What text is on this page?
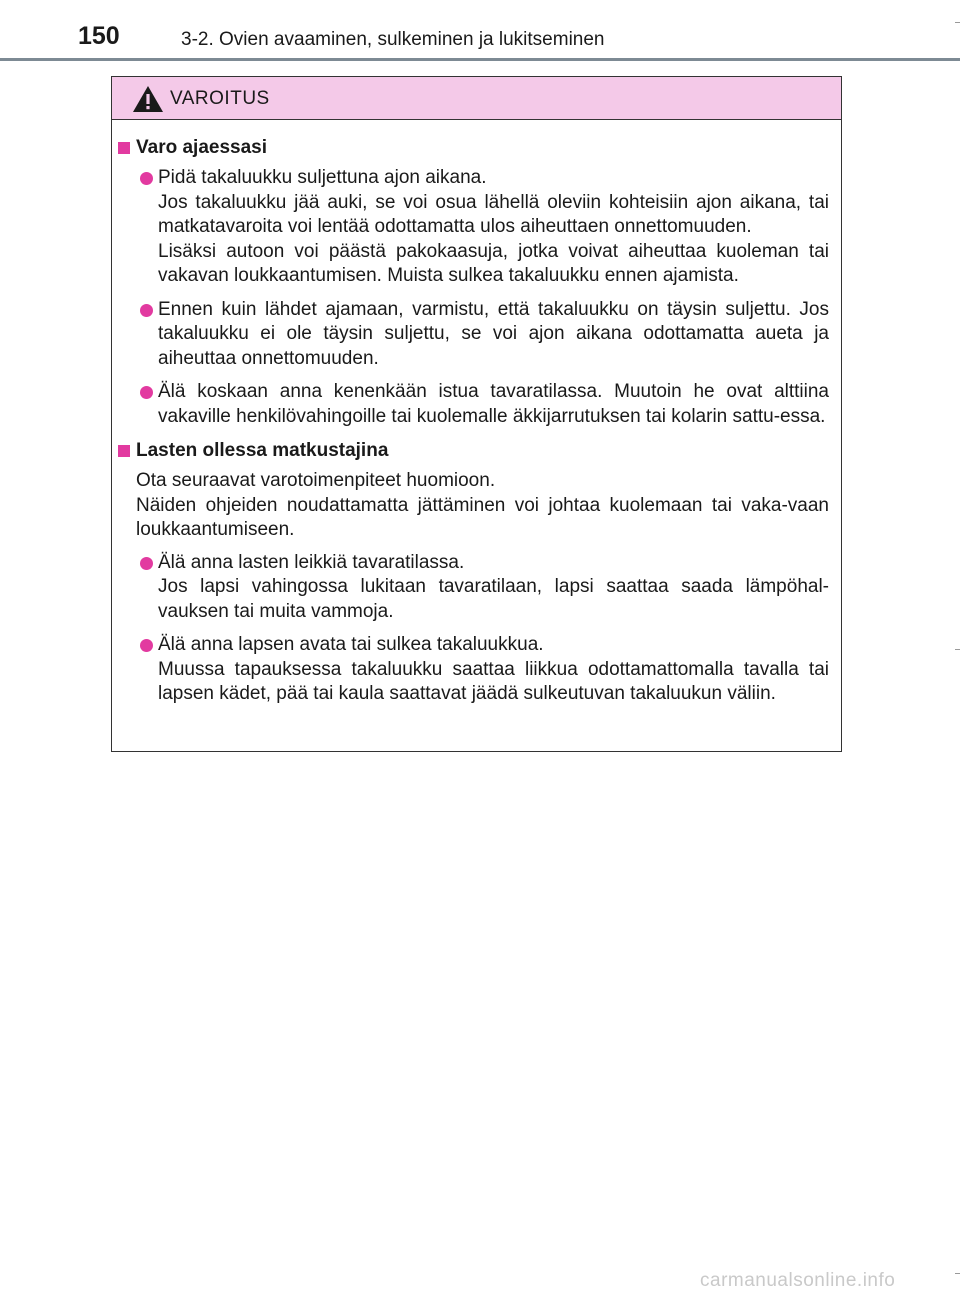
150	3-2. Ovien avaaminen, sulkeminen ja lukitseminen
VAROITUS
Varo ajaessasi
Pidä takaluukku suljettuna ajon aikana.
Jos takaluukku jää auki, se voi osua lähellä oleviin kohteisiin ajon aikana, tai matkatavaroita voi lentää odottamatta ulos aiheuttaen onnettomuuden.
Lisäksi autoon voi päästä pakokaasuja, jotka voivat aiheuttaa kuoleman tai vakavan loukkaantumisen. Muista sulkea takaluukku ennen ajamista.
Ennen kuin lähdet ajamaan, varmistu, että takaluukku on täysin suljettu. Jos takaluukku ei ole täysin suljettu, se voi ajon aikana odottamatta aueta ja aiheuttaa onnettomuuden.
Älä koskaan anna kenenkään istua tavaratilassa. Muutoin he ovat alttiina vakaville henkilövahingoille tai kuolemalle äkkijarrutuksen tai kolarin sattu-essa.
Lasten ollessa matkustajina
Ota seuraavat varotoimenpiteet huomioon.
Näiden ohjeiden noudattamatta jättäminen voi johtaa kuolemaan tai vaka-vaan loukkaantumiseen.
Älä anna lasten leikkiä tavaratilassa.
Jos lapsi vahingossa lukitaan tavaratilaan, lapsi saattaa saada lämpöhal-vauksen tai muita vammoja.
Älä anna lapsen avata tai sulkea takaluukkua.
Muussa tapauksessa takaluukku saattaa liikkua odottamattomalla tavalla tai lapsen kädet, pää tai kaula saattavat jäädä sulkeutuvan takaluukun väliin.
carmanualsonline.info
